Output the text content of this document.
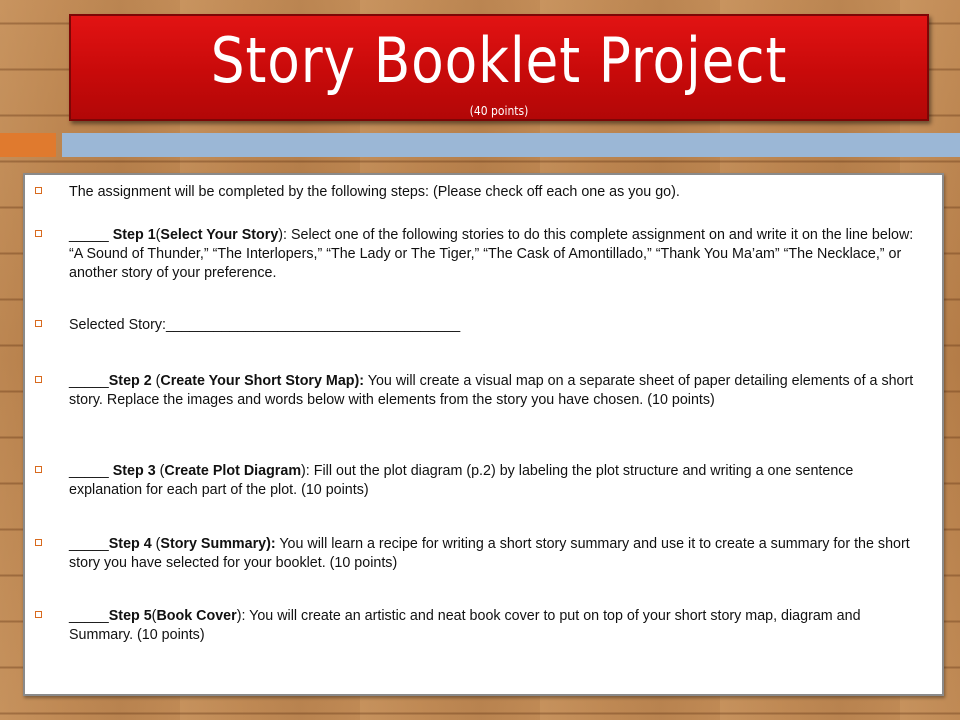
Story Booklet Project
(40 points)
The assignment will be completed by the following steps: (Please check off each one as you go).
_____ Step 1(Select Your Story): Select one of the following stories to do this complete assignment on and write it on the line below: “A Sound of Thunder,” “The Interlopers,” “The Lady or The Tiger,” “The Cask of Amontillado,” “Thank You Ma’am” “The Necklace,” or another story of your preference.
Selected Story:_____________________________________
_____Step 2 (Create Your Short Story Map): You will create a visual map on a separate sheet of paper detailing elements of a short story. Replace the images and words below with elements from the story you have chosen. (10 points)
_____ Step 3 (Create Plot Diagram): Fill out the plot diagram (p.2) by labeling the plot structure and writing a one sentence explanation for each part of the plot. (10 points)
_____Step 4 (Story Summary): You will learn a recipe for writing a short story summary and use it to create a summary for the short story you have selected for your booklet. (10 points)
_____Step 5(Book Cover): You will create an artistic and neat book cover to put on top of your short story map, diagram and Summary. (10 points)
